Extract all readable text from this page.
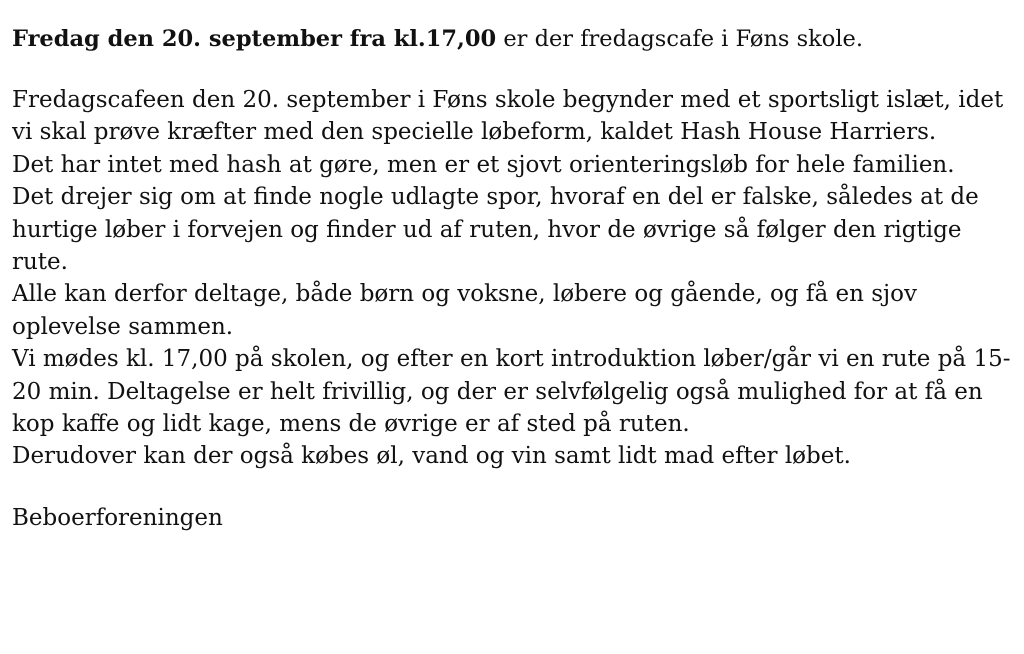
Fredag den 20. september fra kl.17,00 er der fredagscafe i Føns skole.

Fredagscafeen den 20. september i Føns skole begynder med et sportsligt islæt, idet vi skal prøve kræfter med den specielle løbeform, kaldet Hash House Harriers.

Det har intet med hash at gøre, men er et sjovt orienteringsløb for hele familien.

Det drejer sig om at finde nogle udlagte spor, hvoraf en del er falske, således at de hurtige løber i forvejen og finder ud af ruten, hvor de øvrige så følger den rigtige rute.

Alle kan derfor deltage, både børn og voksne, løbere og gående, og få en sjov oplevelse sammen.

Vi mødes kl. 17,00 på skolen, og efter en kort introduktion løber/går vi en rute på 15-20 min. Deltagelse er helt frivillig, og der er selvfølgelig også mulighed for at få en kop kaffe og lidt kage, mens de øvrige er af sted på ruten.

Derudover kan der også købes øl, vand og vin samt lidt mad efter løbet.

Beboerforeningen
